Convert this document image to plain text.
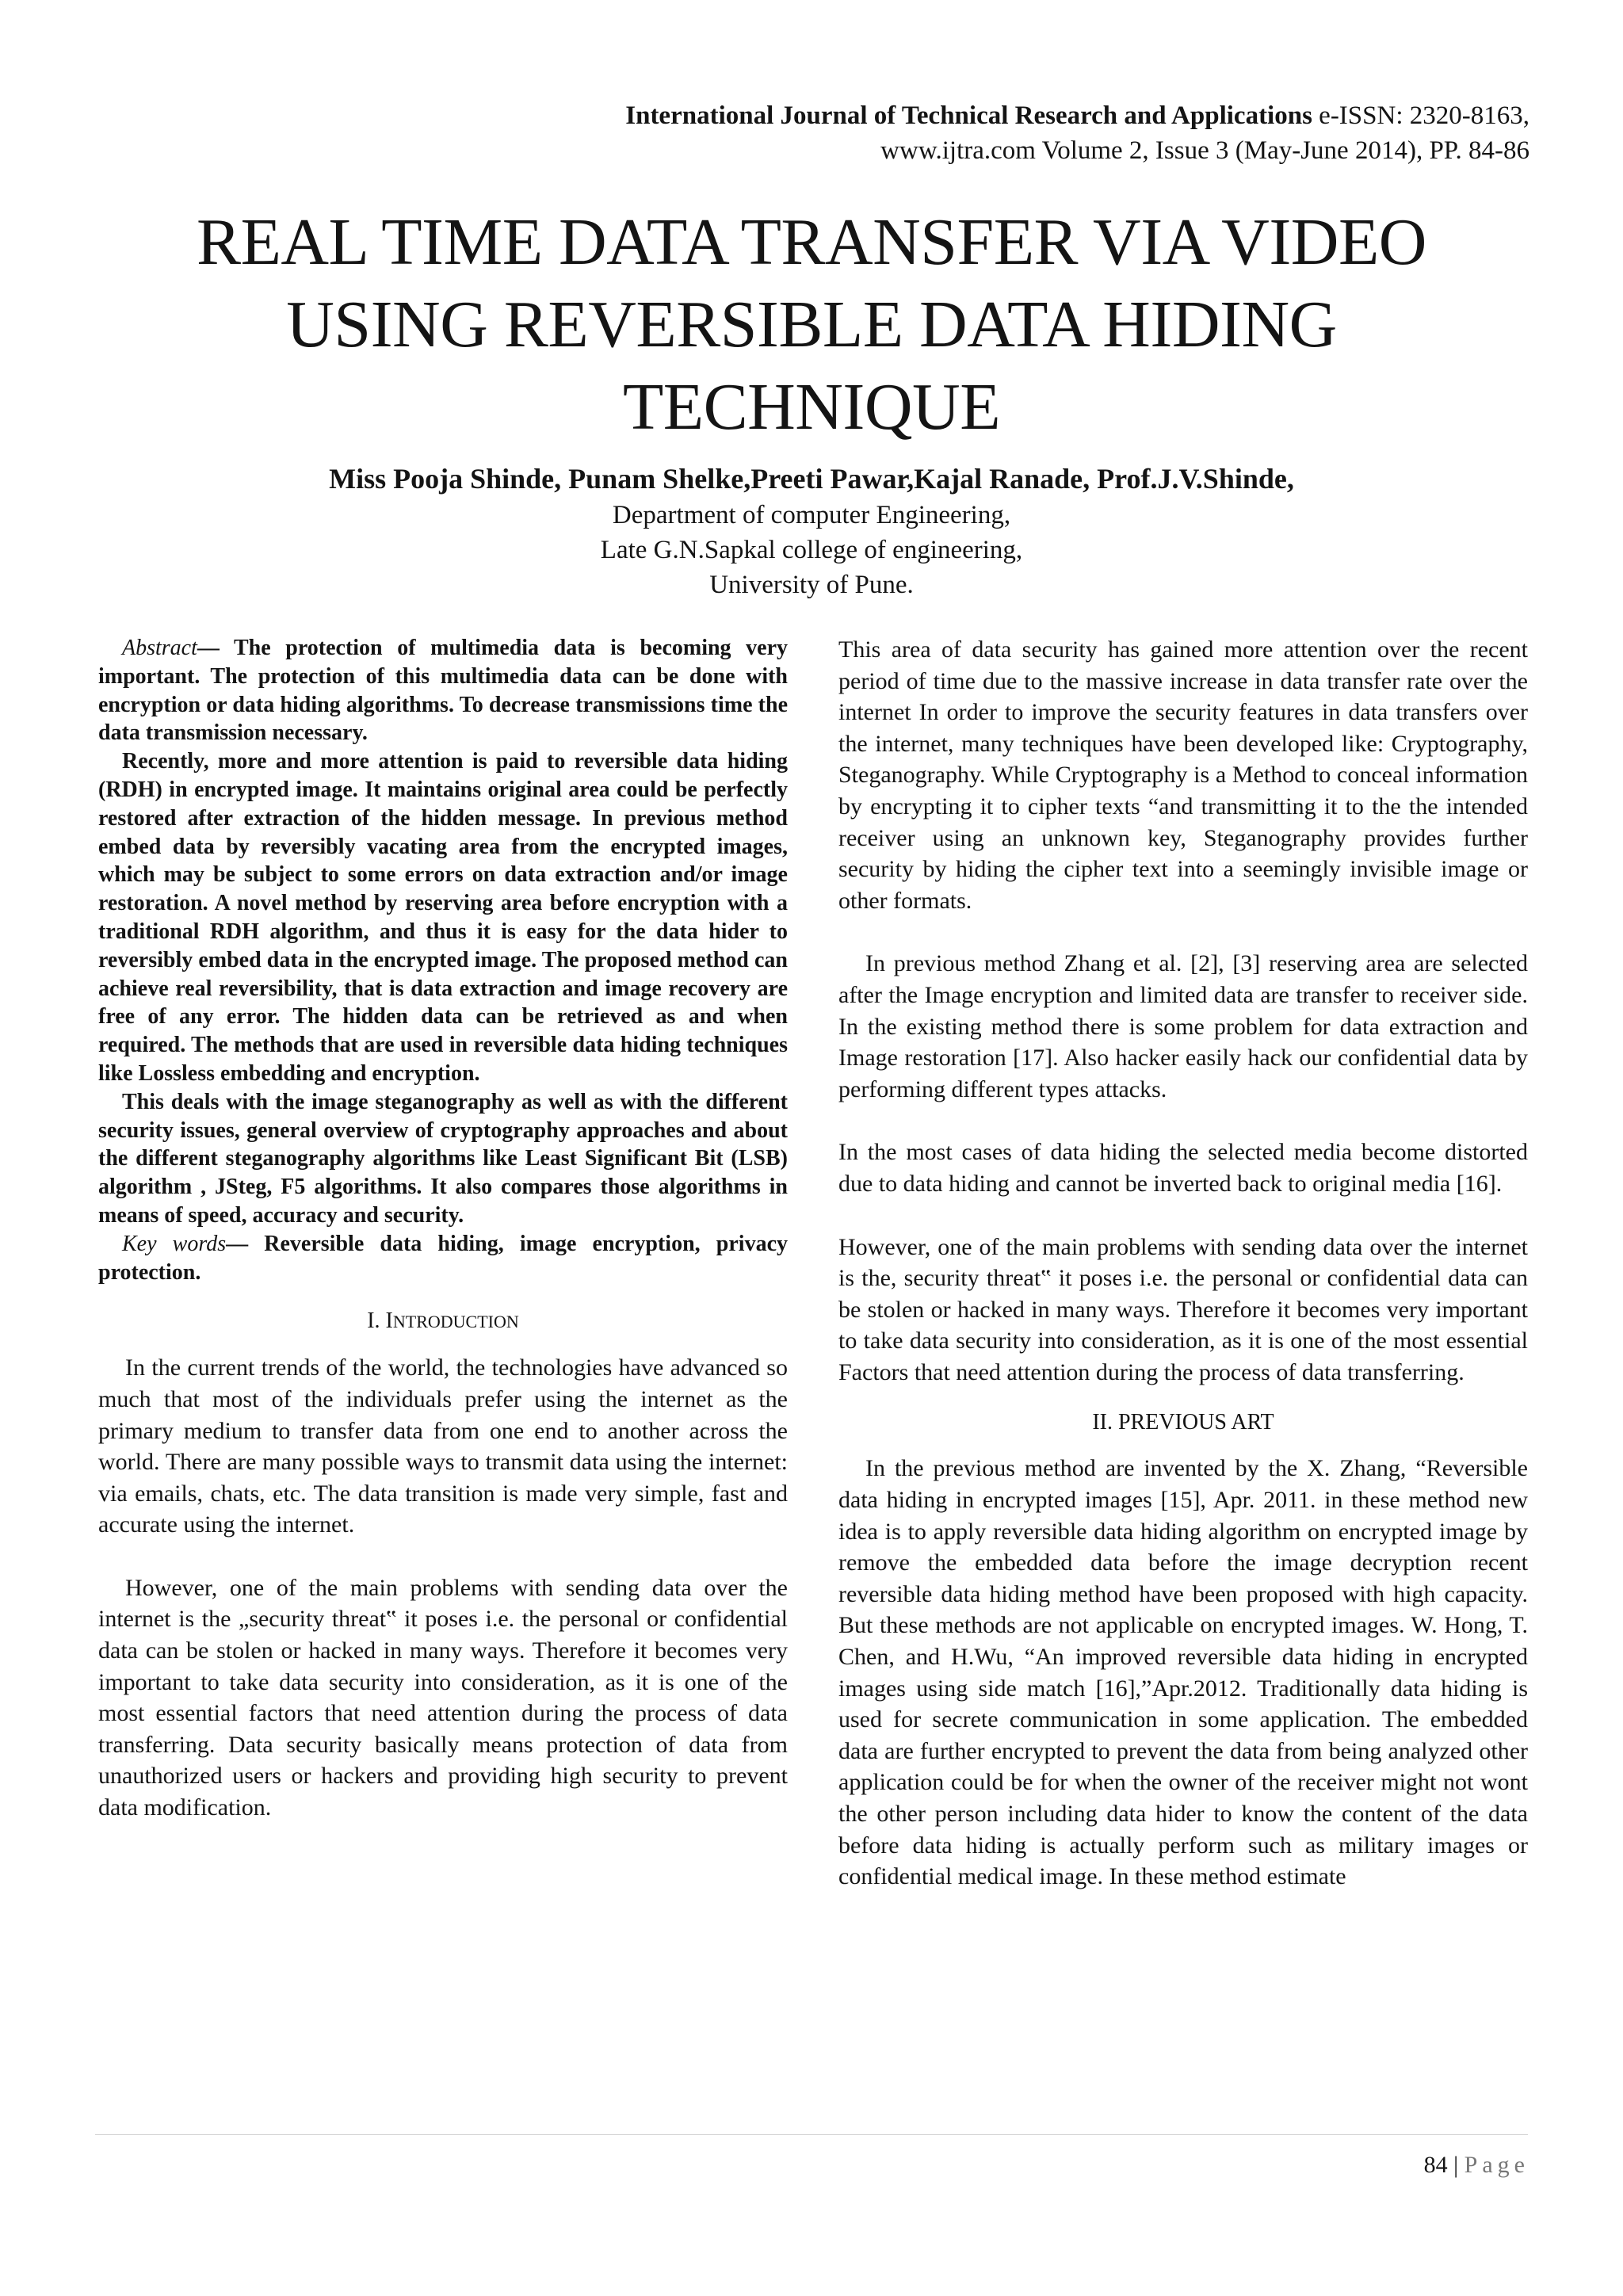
International Journal of Technical Research and Applications e-ISSN: 2320-8163,
www.ijtra.com Volume 2, Issue 3 (May-June 2014), PP. 84-86
REAL TIME DATA TRANSFER VIA VIDEO USING REVERSIBLE DATA HIDING TECHNIQUE
Miss Pooja Shinde, Punam Shelke,Preeti Pawar,Kajal Ranade, Prof.J.V.Shinde,
Department of computer Engineering,
Late G.N.Sapkal college of engineering,
University of Pune.

Abstract— The protection of multimedia data is becoming very important. The protection of this multimedia data can be done with encryption or data hiding algorithms. To decrease transmissions time the data transmission necessary.

Recently, more and more attention is paid to reversible data hiding (RDH) in encrypted image. It maintains original area could be perfectly restored after extraction of the hidden message. In previous method embed data by reversibly vacating area from the encrypted images, which may be subject to some errors on data extraction and/or image restoration. A novel method by reserving area before encryption with a traditional RDH algorithm, and thus it is easy for the data hider to reversibly embed data in the encrypted image. The proposed method can achieve real reversibility, that is data extraction and image recovery are free of any error. The hidden data can be retrieved as and when required. The methods that are used in reversible data hiding techniques like Lossless embedding and encryption.

This deals with the image steganography as well as with the different security issues, general overview of cryptography approaches and about the different steganography algorithms like Least Significant Bit (LSB) algorithm , JSteg, F5 algorithms. It also compares those algorithms in means of speed, accuracy and security.

Key words— Reversible data hiding, image encryption, privacy protection.

I. INTRODUCTION

In the current trends of the world, the technologies have advanced so much that most of the individuals prefer using the internet as the primary medium to transfer data from one end to another across the world. There are many possible ways to transmit data using the internet: via emails, chats, etc. The data transition is made very simple, fast and accurate using the internet.

However, one of the main problems with sending data over the internet is the „security threat‟ it poses i.e. the personal or confidential data can be stolen or hacked in many ways. Therefore it becomes very important to take data security into consideration, as it is one of the most essential factors that need attention during the process of data transferring. Data security basically means protection of data from unauthorized users or hackers and providing high security to prevent data modification.

This area of data security has gained more attention over the recent period of time due to the massive increase in data transfer rate over the internet In order to improve the security features in data transfers over the internet, many techniques have been developed like: Cryptography, Steganography. While Cryptography is a Method to conceal information by encrypting it to cipher texts “and transmitting it to the the intended receiver using an unknown key, Steganography provides further security by hiding the cipher text into a seemingly invisible image or other formats.

In previous method Zhang et al. [2], [3] reserving area are selected after the Image encryption and limited data are transfer to receiver side. In the existing method there is some problem for data extraction and Image restoration [17]. Also hacker easily hack our confidential data by performing different types attacks.

In the most cases of data hiding the selected media become distorted due to data hiding and cannot be inverted back to original media [16].

However, one of the main problems with sending data over the internet is the, security threat‟ it poses i.e. the personal or confidential data can be stolen or hacked in many ways. Therefore it becomes very important to take data security into consideration, as it is one of the most essential Factors that need attention during the process of data transferring.

II. PREVIOUS ART

In the previous method are invented by the X. Zhang, “Reversible data hiding in encrypted images [15], Apr. 2011. in these method new idea is to apply reversible data hiding algorithm on encrypted image by remove the embedded data before the image decryption recent reversible data hiding method have been proposed with high capacity. But these methods are not applicable on encrypted images. W. Hong, T. Chen, and H.Wu, “An improved reversible data hiding in encrypted images using side match [16],”Apr.2012. Traditionally data hiding is used for secrete communication in some application. The embedded data are further encrypted to prevent the data from being analyzed other application could be for when the owner of the receiver might not wont the other person including data hider to know the content of the data before data hiding is actually perform such as military images or confidential medical image. In these method estimate

84 | Page
